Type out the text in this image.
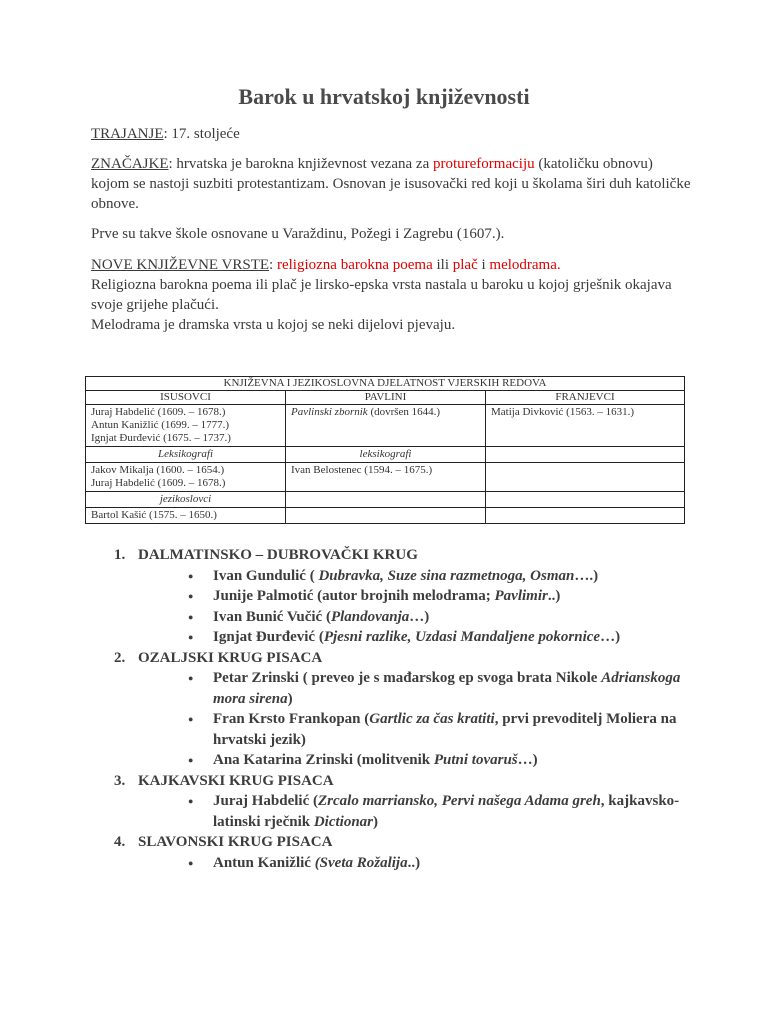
Barok u hrvatskoj književnosti

TRAJANJE: 17. stoljeće

ZNAČAJKE: hrvatska je barokna književnost vezana za protureformaciju (katoličku obnovu) kojom se nastoji suzbiti protestantizam. Osnovan je isusovački red koji u školama širi duh katoličke obnove.

Prve su takve škole osnovane u Varaždinu, Požegi i Zagrebu (1607.).

NOVE KNJIŽEVNE VRSTE: religiozna barokna poema ili plač i melodrama.
Religiozna barokna poema ili plač je lirsko-epska vrsta nastala u baroku u kojoj grješnik okajava svoje grijehe plačući.
Melodrama je dramska vrsta u kojoj se neki dijelovi pjevaju.
KNJIŽEVNA I JEZIKOSLOVNA DJELATNOST VJERSKIH REDOVA		
ISUSOVCI	PAVLINI	FRANJEVCI

Juraj Habdelić (1609. – 1678.)
Antun Kanižlić (1699. – 1777.)
Ignjat Đurđević (1675. – 1737.)	Pavlinski zbornik (dovršen 1644.)	Matija Divković (1563. – 1631.)
Leksikografi	leksikografi	

Jakov Mikalja (1600. – 1654.)
Juraj Habdelić (1609. – 1678.)	Ivan Belostenec (1594. – 1675.)	
jezikoslovci		
Bartol Kašić (1575. – 1650.)		
1. DALMATINSKO – DUBROVAČKI KRUG
● Ivan Gundulić ( Dubravka, Suze sina razmetnoga, Osman….)
● Junije Palmotić (autor brojnih melodrama; Pavlimir..)
● Ivan Bunić Vučić (Plandovanja…)
● Ignjat Đurđević (Pjesni razlike, Uzdasi Mandaljene pokornice…)
2. OZALJSKI KRUG PISACA
● Petar Zrinski ( preveo je s mađarskog ep svoga brata Nikole Adrianskoga mora sirena)
● Fran Krsto Frankopan (Gartlic za čas kratiti, prvi prevoditelj Moliera na hrvatski jezik)
● Ana Katarina Zrinski (molitvenik Putni tovaruš…)
3. KAJKAVSKI KRUG PISACA
● Juraj Habdelić (Zrcalo marriansko, Pervi našega Adama greh, kajkavsko-latinski rječnik Dictionar)
4. SLAVONSKI KRUG PISACA
● Antun Kanižlić (Sveta Rožalija..)
